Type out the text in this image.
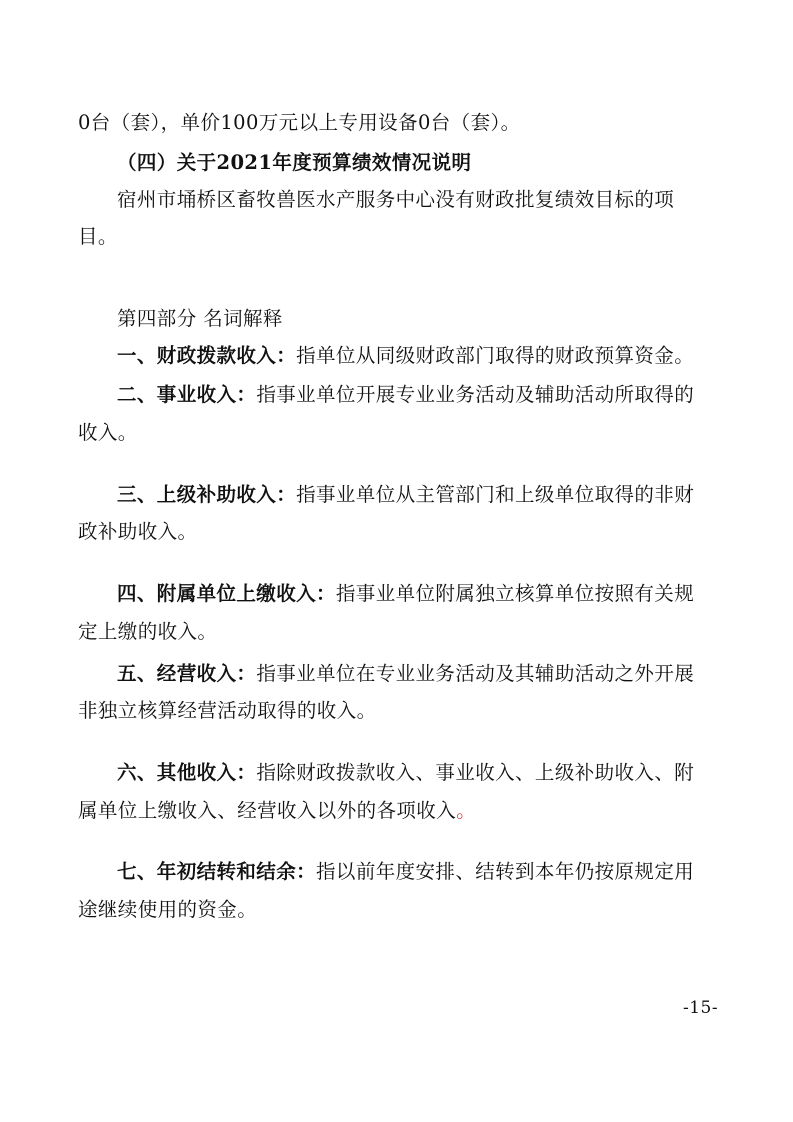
0台（套），单价100万元以上专用设备0台（套）。
（四）关于2021年度预算绩效情况说明
宿州市埇桥区畜牧兽医水产服务中心没有财政批复绩效目标的项
目。
第四部分 名词解释
一、财政拨款收入：指单位从同级财政部门取得的财政预算资金。
二、事业收入：指事业单位开展专业业务活动及辅助活动所取得的
收入。
三、上级补助收入：指事业单位从主管部门和上级单位取得的非财
政补助收入。
四、附属单位上缴收入：指事业单位附属独立核算单位按照有关规
定上缴的收入。
五、经营收入：指事业单位在专业业务活动及其辅助活动之外开展
非独立核算经营活动取得的收入。
六、其他收入：指除财政拨款收入、事业收入、上级补助收入、附
属单位上缴收入、经营收入以外的各项收入。
七、年初结转和结余：指以前年度安排、结转到本年仍按原规定用
途继续使用的资金。
-15-
